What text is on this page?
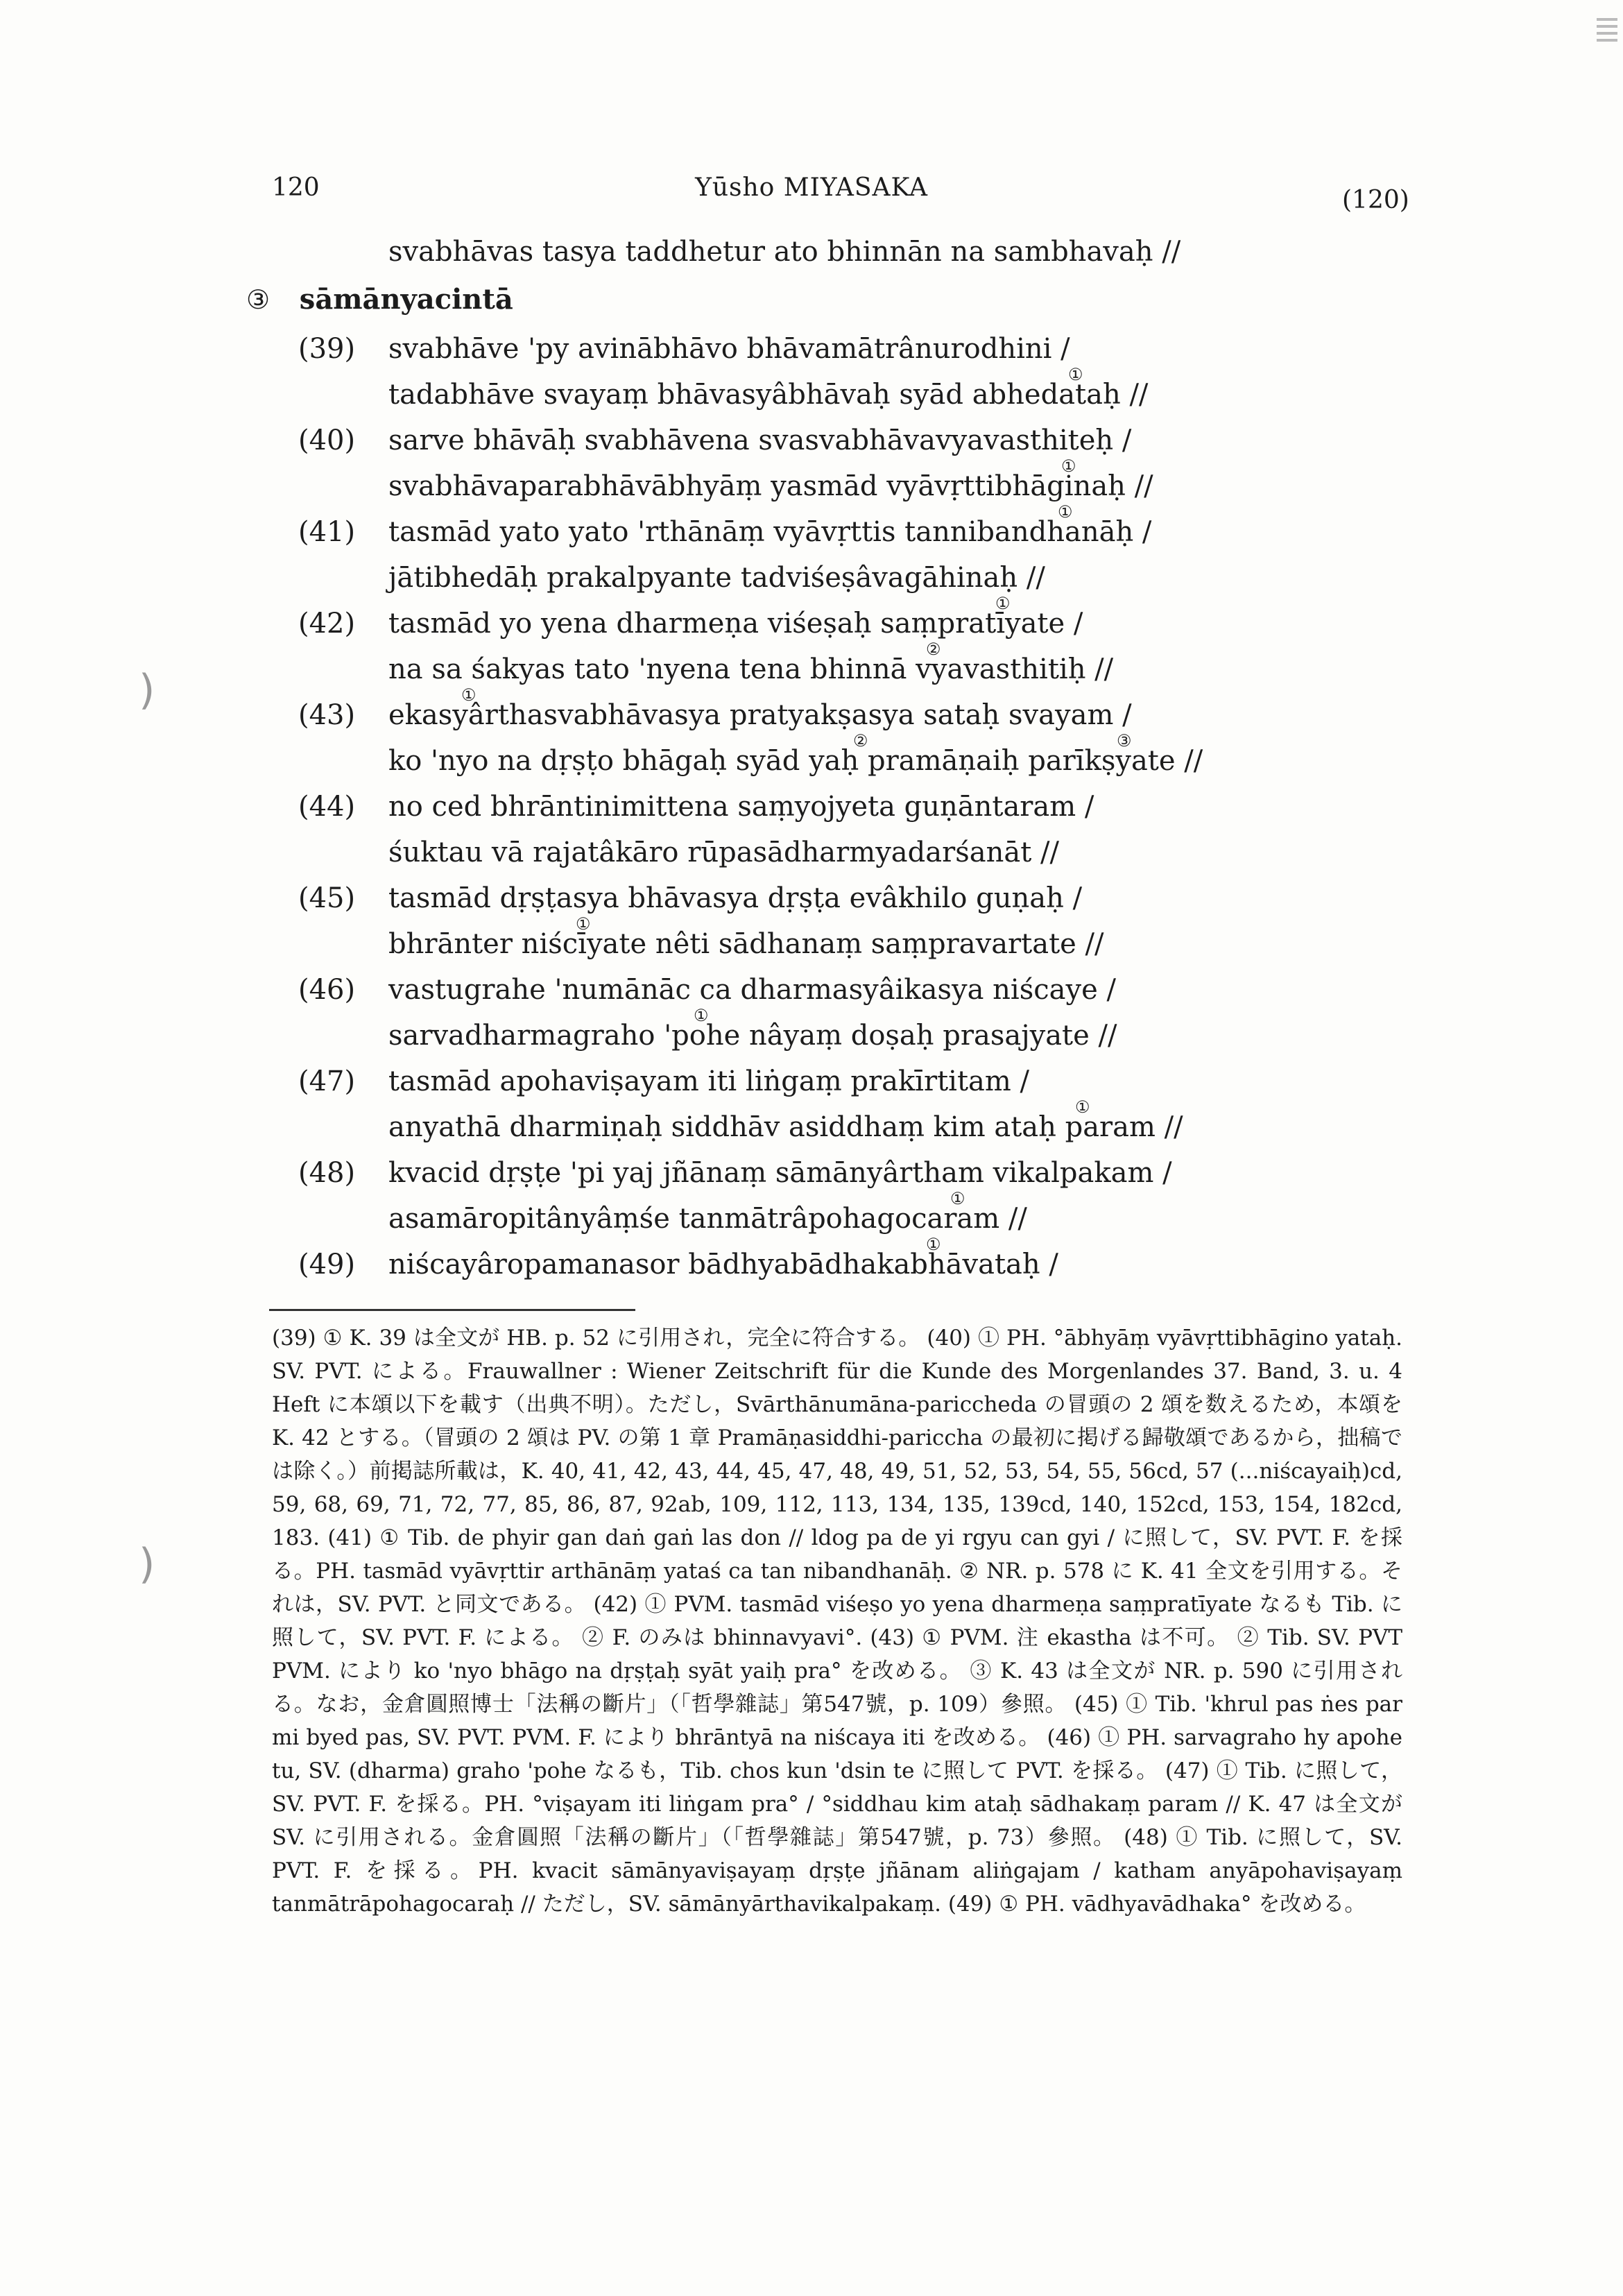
120	Yūsho MIYASAKA	(120)
svabhāvas tasya taddhetur ato bhinnān na sambhavaḥ //
③ sāmānyacintā
(39)	svabhāve 'py avinābhāvo bhāvamātrânurodhini /
tadabhāve svayaṃ bhāvasyâbhāvaḥ syād abhedataḥ //
①
(40)	sarve bhāvāḥ svabhāvena svasvabhāvavyavasthiteḥ /
svabhāvaparabhāvābhyāṃ yasmād vyāvṛttibhāginaḥ //
①
(41)	tasmād yato yato 'rthānāṃ vyāvṛttis tannibandhanāḥ /
①
jātibhedāḥ prakalpyante tadviśeṣâvagāhinaḥ //
(42)	tasmād yo yena dharmeṇa viśeṣaḥ saṃpratīyate /
①
na sa śakyas tato 'nyena tena bhinnā vyavasthitiḥ //
②
(43)	ekasyârthasvabhāvasya pratyakṣasya sataḥ svayam /
①
ko 'nyo na dṛṣṭo bhāgaḥ syād yaḥ pramāṇaiḥ parīkṣyate //
②	③
(44)	no ced bhrāntinimittena saṃyojyeta guṇāntaram /
śuktau vā rajatâkāro rūpasādharmyadarśanāt //
(45)	tasmād dṛṣṭasya bhāvasya dṛṣṭa evâkhilo guṇaḥ /
bhrānter niścīyate nêti sādhanaṃ saṃpravartate //
①
(46)	vastugrahe 'numānāc ca dharmasyâikasya niścaye /
sarvadharmagraho 'pohe nâyaṃ doṣaḥ prasajyate //
①
(47)	tasmād apohaviṣayam iti liṅgaṃ prakīrtitam /
anyathā dharmiṇaḥ siddhāv asiddhaṃ kim ataḥ param //
①
(48)	kvacid dṛṣṭe 'pi yaj jñānaṃ sāmānyârtham vikalpakam /
asamāropitânyâṃśe tanmātrâpohagocaram //
①
(49)	niścayâropamanasor bādhyabādhakabhāvataḥ /
①
(39) ① K. 39 は全文が HB. p. 52 に引用され，完全に符合する。 (40) ① PH. °ābhyāṃ vyāvṛttibhāgino yataḥ. SV. PVT. による。Frauwallner : Wiener Zeitschrift für die Kunde des Morgenlandes 37. Band, 3. u. 4 Heft に本頌以下を載す（出典不明）。ただし，Svārthānumāna-pariccheda の冒頭の 2 頌を数えるため，本頌を K. 42 とする。（冒頭の 2 頌は PV. の第 1 章 Pramāṇasiddhi-pariccha の最初に掲げる歸敬頌であるから，拙稿では除く。）前掲誌所載は，K. 40, 41, 42, 43, 44, 45, 47, 48, 49, 51, 52, 53, 54, 55, 56cd, 57 (...niścayaiḥ)cd, 59, 68, 69, 71, 72, 77, 85, 86, 87, 92ab, 109, 112, 113, 134, 135, 139cd, 140, 152cd, 153, 154, 182cd, 183. (41) ① Tib. de phyir gan daṅ gaṅ las don // ldog pa de yi rgyu can gyi / に照して，SV. PVT. F. を採る。PH. tasmād vyāvṛttir arthānāṃ yataś ca tan nibandhanāḥ. ② NR. p. 578 に K. 41 全文を引用する。それは，SV. PVT. と同文である。 (42) ① PVM. tasmād viśeṣo yo yena dharmeṇa saṃpratīyate なるも Tib. に照して，SV. PVT. F. による。 ② F. のみは bhinnavyavi°. (43) ① PVM. 注 ekastha は不可。 ② Tib. SV. PVT PVM. により ko 'nyo bhāgo na dṛṣṭaḥ syāt yaiḥ pra° を改める。 ③ K. 43 は全文が NR. p. 590 に引用される。なお，金倉圓照博士「法稱の斷片」（「哲學雜誌」第547號，p. 109）參照。 (45) ① Tib. 'khrul pas ṅes par mi byed pas, SV. PVT. PVM. F. により bhrāntyā na niścaya iti を改める。 (46) ① PH. sarvagraho hy apohe tu, SV. (dharma) graho 'pohe なるも，Tib. chos kun 'dsin te に照して PVT. を採る。 (47) ① Tib. に照して，SV. PVT. F. を採る。PH. °viṣayam iti liṅgam pra° / °siddhau kim ataḥ sādhakaṃ param // K. 47 は全文が SV. に引用される。金倉圓照「法稱の斷片」（「哲學雜誌」第547號，p. 73）參照。 (48) ① Tib. に照して，SV. PVT. F. を採る。PH. kvacit sāmānyaviṣayaṃ dṛṣṭe jñānam aliṅgajam / katham anyāpohaviṣayaṃ tanmātrāpohagocaraḥ // ただし，SV. sāmānyārthavikalpakaṃ. (49) ① PH. vādhyavādhaka° を改める。
)
)
